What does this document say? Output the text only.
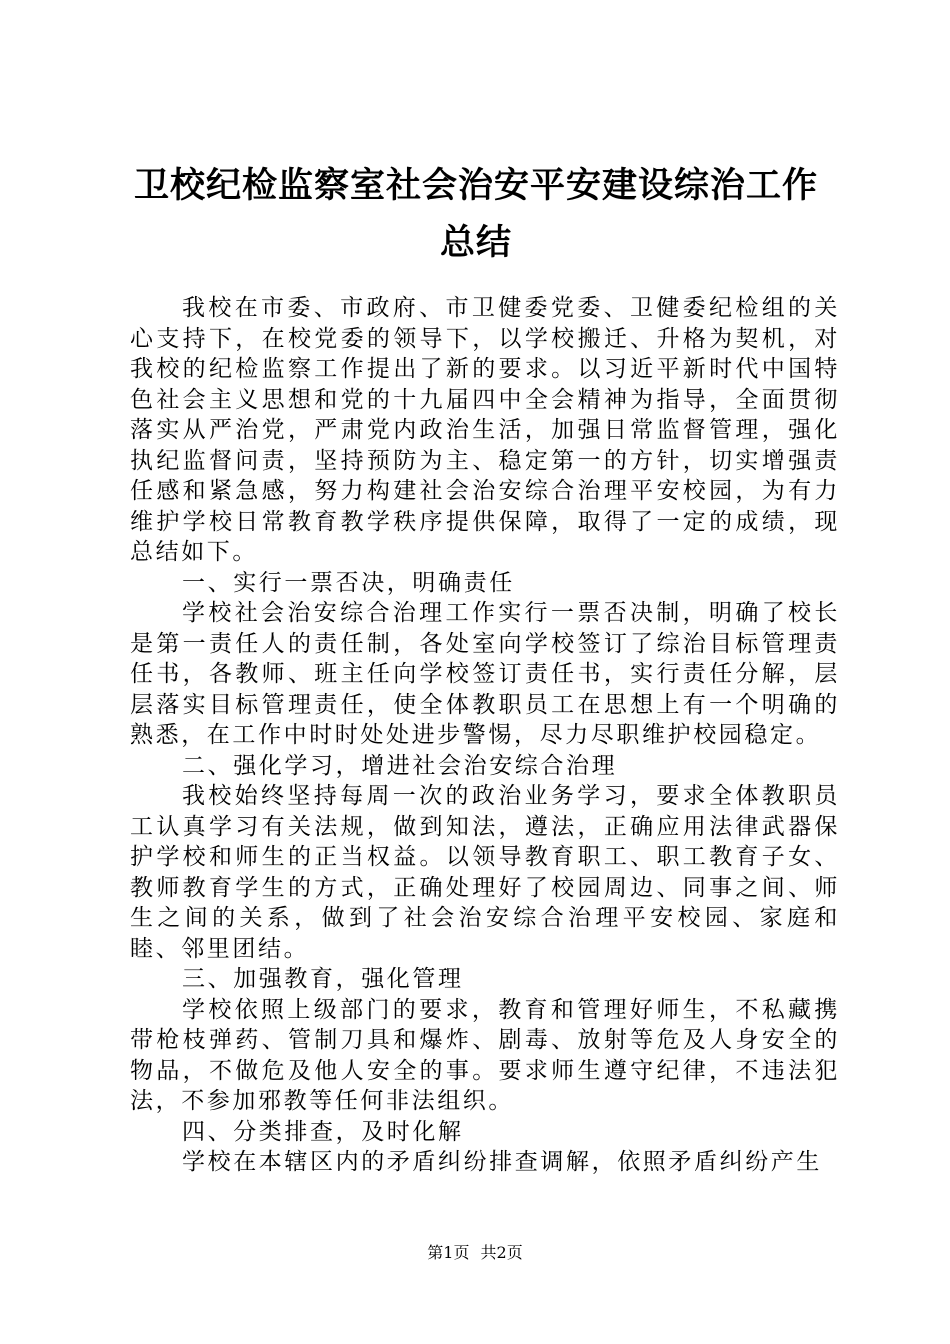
卫校纪检监察室社会治安平安建设综治工作总结

我校在市委、市政府、市卫健委党委、卫健委纪检组的关心支持下，在校党委的领导下，以学校搬迁、升格为契机，对我校的纪检监察工作提出了新的要求。以习近平新时代中国特色社会主义思想和党的十九届四中全会精神为指导，全面贯彻落实从严治党，严肃党内政治生活，加强日常监督管理，强化执纪监督问责，坚持预防为主、稳定第一的方针，切实增强责任感和紧急感，努力构建社会治安综合治理平安校园，为有力维护学校日常教育教学秩序提供保障，取得了一定的成绩，现总结如下。

一、实行一票否决，明确责任

学校社会治安综合治理工作实行一票否决制，明确了校长是第一责任人的责任制，各处室向学校签订了综治目标管理责任书，各教师、班主任向学校签订责任书，实行责任分解，层层落实目标管理责任，使全体教职员工在思想上有一个明确的熟悉，在工作中时时处处进步警惕，尽力尽职维护校园稳定。

二、强化学习，增进社会治安综合治理

我校始终坚持每周一次的政治业务学习，要求全体教职员工认真学习有关法规，做到知法，遵法，正确应用法律武器保护学校和师生的正当权益。以领导教育职工、职工教育子女、教师教育学生的方式，正确处理好了校园周边、同事之间、师生之间的关系，做到了社会治安综合治理平安校园、家庭和睦、邻里团结。

三、加强教育，强化管理

学校依照上级部门的要求，教育和管理好师生，不私藏携带枪枝弹药、管制刀具和爆炸、剧毒、放射等危及人身安全的物品，不做危及他人安全的事。要求师生遵守纪律，不违法犯法，不参加邪教等任何非法组织。

四、分类排查，及时化解

学校在本辖区内的矛盾纠纷排查调解，依照矛盾纠纷产生

第1页 共2页
